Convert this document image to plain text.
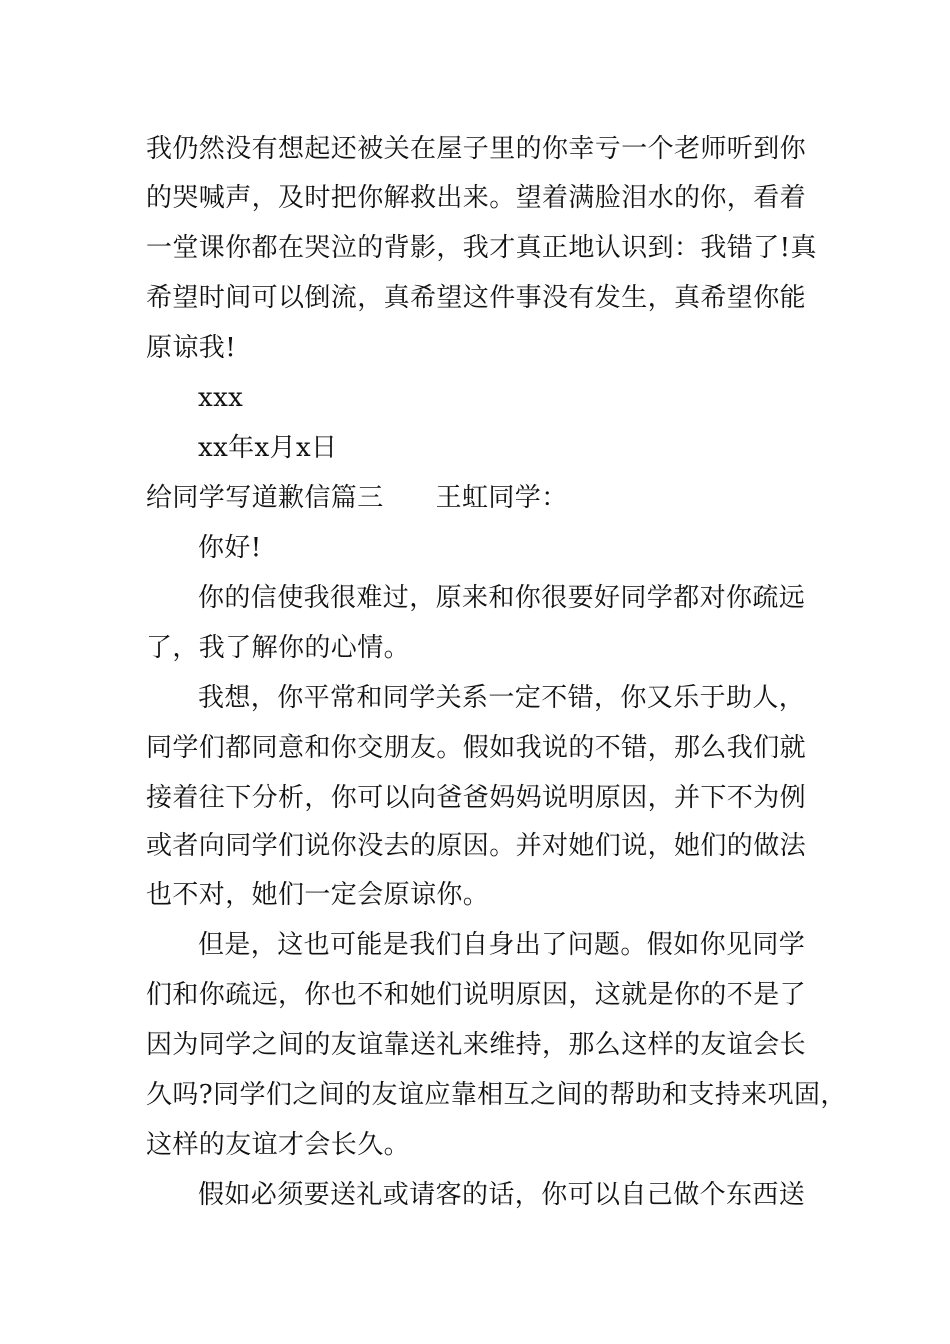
我仍然没有想起还被关在屋子里的你幸亏一个老师听到你
的哭喊声，及时把你解救出来。望着满脸泪水的你，看着
一堂课你都在哭泣的背影，我才真正地认识到：我错了!真
希望时间可以倒流，真希望这件事没有发生，真希望你能
原谅我!
xxx
xx年x月x日
给同学写道歉信篇三 王虹同学：
你好!
你的信使我很难过，原来和你很要好同学都对你疏远
了，我了解你的心情。
我想，你平常和同学关系一定不错，你又乐于助人，
同学们都同意和你交朋友。假如我说的不错，那么我们就
接着往下分析，你可以向爸爸妈妈说明原因，并下不为例
或者向同学们说你没去的原因。并对她们说，她们的做法
也不对，她们一定会原谅你。
但是，这也可能是我们自身出了问题。假如你见同学
们和你疏远，你也不和她们说明原因，这就是你的不是了
因为同学之间的友谊靠送礼来维持，那么这样的友谊会长
久吗?同学们之间的友谊应靠相互之间的帮助和支持来巩固，
这样的友谊才会长久。
假如必须要送礼或请客的话，你可以自己做个东西送
